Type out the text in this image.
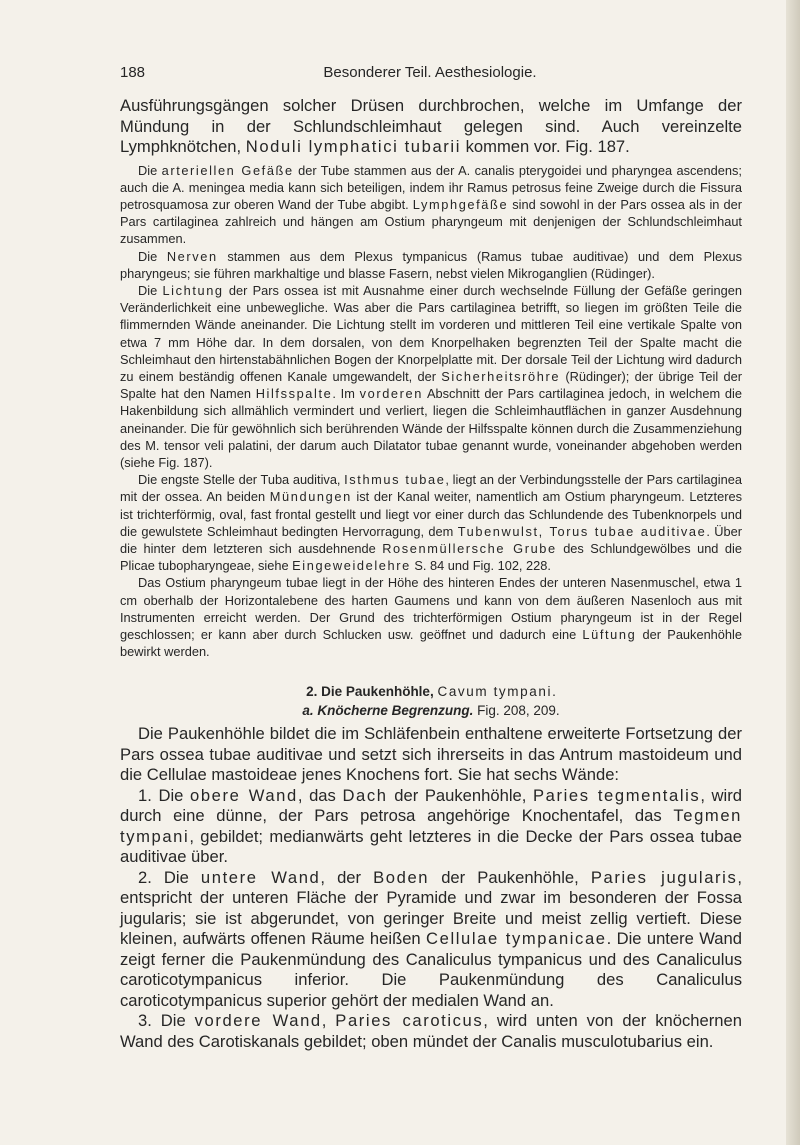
188	Besonderer Teil. Aesthesiologie.

Ausführungsgängen solcher Drüsen durchbrochen, welche im Umfange der Mündung in der Schlundschleimhaut gelegen sind. Auch vereinzelte Lymphknötchen, Noduli lymphatici tubarii kommen vor. Fig. 187.

Die arteriellen Gefäße der Tube stammen aus der A. canalis pterygoidei und pharyngea ascendens; auch die A. meningea media kann sich beteiligen, indem ihr Ramus petrosus feine Zweige durch die Fissura petrosquamosa zur oberen Wand der Tube abgibt. Lymphgefäße sind sowohl in der Pars ossea als in der Pars cartilaginea zahlreich und hängen am Ostium pharyngeum mit denjenigen der Schlundschleimhaut zusammen.

Die Nerven stammen aus dem Plexus tympanicus (Ramus tubae auditivae) und dem Plexus pharyngeus; sie führen markhaltige und blasse Fasern, nebst vielen Mikroganglien (Rüdinger).

Die Lichtung der Pars ossea ist mit Ausnahme einer durch wechselnde Füllung der Gefäße geringen Veränderlichkeit eine unbewegliche. Was aber die Pars cartilaginea betrifft, so liegen im größten Teile die flimmernden Wände aneinander. Die Lichtung stellt im vorderen und mittleren Teil eine vertikale Spalte von etwa 7 mm Höhe dar. In dem dorsalen, von dem Knorpelhaken begrenzten Teil der Spalte macht die Schleimhaut den hirtenstabähnlichen Bogen der Knorpelplatte mit. Der dorsale Teil der Lichtung wird dadurch zu einem beständig offenen Kanale umgewandelt, der Sicherheitsröhre (Rüdinger); der übrige Teil der Spalte hat den Namen Hilfsspalte. Im vorderen Abschnitt der Pars cartilaginea jedoch, in welchem die Hakenbildung sich allmählich vermindert und verliert, liegen die Schleimhautflächen in ganzer Ausdehnung aneinander. Die für gewöhnlich sich berührenden Wände der Hilfsspalte können durch die Zusammenziehung des M. tensor veli palatini, der darum auch Dilatator tubae genannt wurde, voneinander abgehoben werden (siehe Fig. 187).

Die engste Stelle der Tuba auditiva, Isthmus tubae, liegt an der Verbindungsstelle der Pars cartilaginea mit der ossea. An beiden Mündungen ist der Kanal weiter, namentlich am Ostium pharyngeum. Letzteres ist trichterförmig, oval, fast frontal gestellt und liegt vor einer durch das Schlundende des Tubenknorpels und die gewulstete Schleimhaut bedingten Hervorragung, dem Tubenwulst, Torus tubae auditivae. Über die hinter dem letzteren sich ausdehnende Rosenmüllersche Grube des Schlundgewölbes und die Plicae tubopharyngeae, siehe Eingeweidelehre S. 84 und Fig. 102, 228.

Das Ostium pharyngeum tubae liegt in der Höhe des hinteren Endes der unteren Nasenmuschel, etwa 1 cm oberhalb der Horizontalebene des harten Gaumens und kann von dem äußeren Nasenloch aus mit Instrumenten erreicht werden. Der Grund des trichterförmigen Ostium pharyngeum ist in der Regel geschlossen; er kann aber durch Schlucken usw. geöffnet und dadurch eine Lüftung der Paukenhöhle bewirkt werden.

2. Die Paukenhöhle, Cavum tympani.

a. Knöcherne Begrenzung. Fig. 208, 209.

Die Paukenhöhle bildet die im Schläfenbein enthaltene erweiterte Fortsetzung der Pars ossea tubae auditivae und setzt sich ihrerseits in das Antrum mastoideum und die Cellulae mastoideae jenes Knochens fort. Sie hat sechs Wände:

1. Die obere Wand, das Dach der Paukenhöhle, Paries tegmentalis, wird durch eine dünne, der Pars petrosa angehörige Knochentafel, das Tegmen tympani, gebildet; medianwärts geht letzteres in die Decke der Pars ossea tubae auditivae über.

2. Die untere Wand, der Boden der Paukenhöhle, Paries jugularis, entspricht der unteren Fläche der Pyramide und zwar im besonderen der Fossa jugularis; sie ist abgerundet, von geringer Breite und meist zellig vertieft. Diese kleinen, aufwärts offenen Räume heißen Cellulae tympanicae. Die untere Wand zeigt ferner die Paukenmündung des Canaliculus tympanicus und des Canaliculus caroticotympanicus inferior. Die Paukenmündung des Canaliculus caroticotympanicus superior gehört der medialen Wand an.

3. Die vordere Wand, Paries caroticus, wird unten von der knöchernen Wand des Carotiskanals gebildet; oben mündet der Canalis musculotubarius ein.
